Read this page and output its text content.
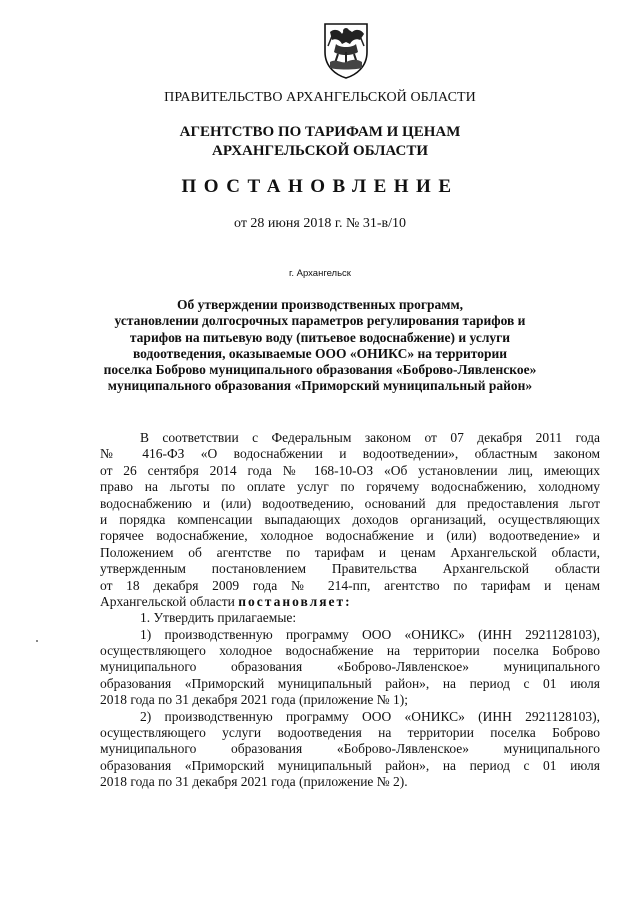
ПРАВИТЕЛЬСТВО АРХАНГЕЛЬСКОЙ ОБЛАСТИ
АГЕНТСТВО ПО ТАРИФАМ И ЦЕНАМ
АРХАНГЕЛЬСКОЙ ОБЛАСТИ
ПОСТАНОВЛЕНИЕ
от 28 июня 2018 г. № 31-в/10
г. Архангельск
Об утверждении производственных программ,
установлении долгосрочных параметров регулирования тарифов и
тарифов на питьевую воду (питьевое водоснабжение) и услуги
водоотведения, оказываемые ООО «ОНИКС» на территории
поселка Боброво муниципального образования «Боброво-Лявленское»
муниципального образования «Приморский муниципальный район»
В соответствии с Федеральным законом от 07 декабря 2011 года
№ 416-ФЗ «О водоснабжении и водоотведении», областным законом
от 26 сентября 2014 года № 168-10-ОЗ «Об установлении лиц, имеющих
право на льготы по оплате услуг по горячему водоснабжению, холодному
водоснабжению и (или) водоотведению, оснований для предоставления льгот
и порядка компенсации выпадающих доходов организаций, осуществляющих
горячее водоснабжение, холодное водоснабжение и (или) водоотведение» и
Положением об агентстве по тарифам и ценам Архангельской области,
утвержденным постановлением Правительства Архангельской области
от 18 декабря 2009 года № 214-пп, агентство по тарифам и ценам
Архангельской области постановляет:
1. Утвердить прилагаемые:
1) производственную программу ООО «ОНИКС» (ИНН 2921128103),
осуществляющего холодное водоснабжение на территории поселка Боброво
муниципального образования «Боброво-Лявленское» муниципального
образования «Приморский муниципальный район», на период с 01 июля
2018 года по 31 декабря 2021 года (приложение № 1);
2) производственную программу ООО «ОНИКС» (ИНН 2921128103),
осуществляющего услуги водоотведения на территории поселка Боброво
муниципального образования «Боброво-Лявленское» муниципального
образования «Приморский муниципальный район», на период с 01 июля
2018 года по 31 декабря 2021 года (приложение № 2).
